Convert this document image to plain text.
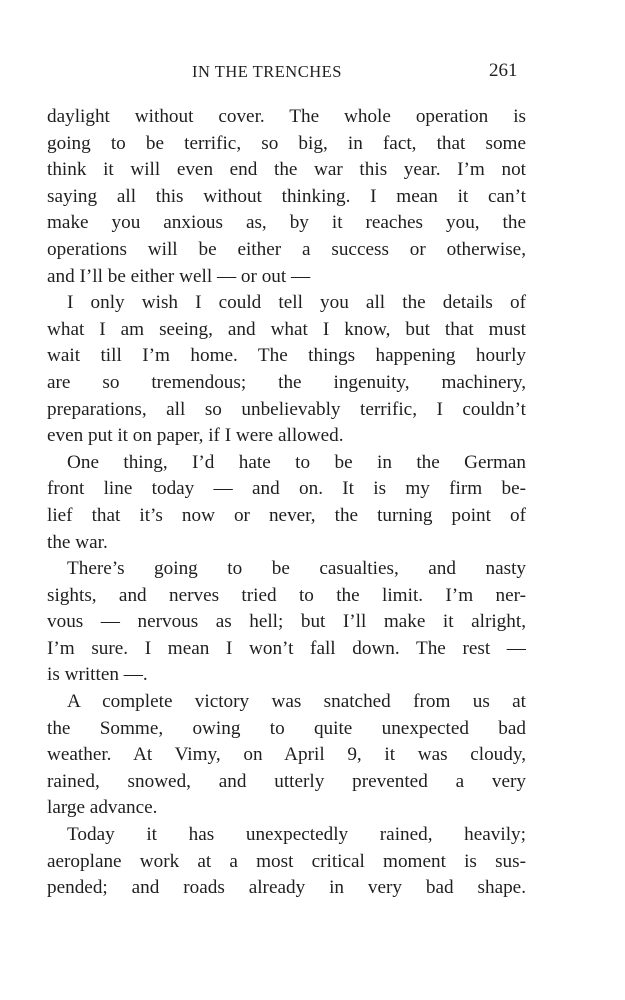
IN THE TRENCHES	261
daylight without cover. The whole operation is
going to be terrific, so big, in fact, that some
think it will even end the war this year. I’m not
saying all this without thinking. I mean it can’t
make you anxious as, by it reaches you, the
operations will be either a success or otherwise,
and I’ll be either well — or out —
I only wish I could tell you all the details of
what I am seeing, and what I know, but that must
wait till I’m home. The things happening hourly
are so tremendous; the ingenuity, machinery,
preparations, all so unbelievably terrific, I couldn’t
even put it on paper, if I were allowed.
One thing, I’d hate to be in the German
front line today — and on. It is my firm be-
lief that it’s now or never, the turning point of
the war.
There’s going to be casualties, and nasty
sights, and nerves tried to the limit. I’m ner-
vous — nervous as hell; but I’ll make it alright,
I’m sure. I mean I won’t fall down. The rest —
is written —.
A complete victory was snatched from us at
the Somme, owing to quite unexpected bad
weather. At Vimy, on April 9, it was cloudy,
rained, snowed, and utterly prevented a very
large advance.
Today it has unexpectedly rained, heavily;
aeroplane work at a most critical moment is sus-
pended; and roads already in very bad shape.
